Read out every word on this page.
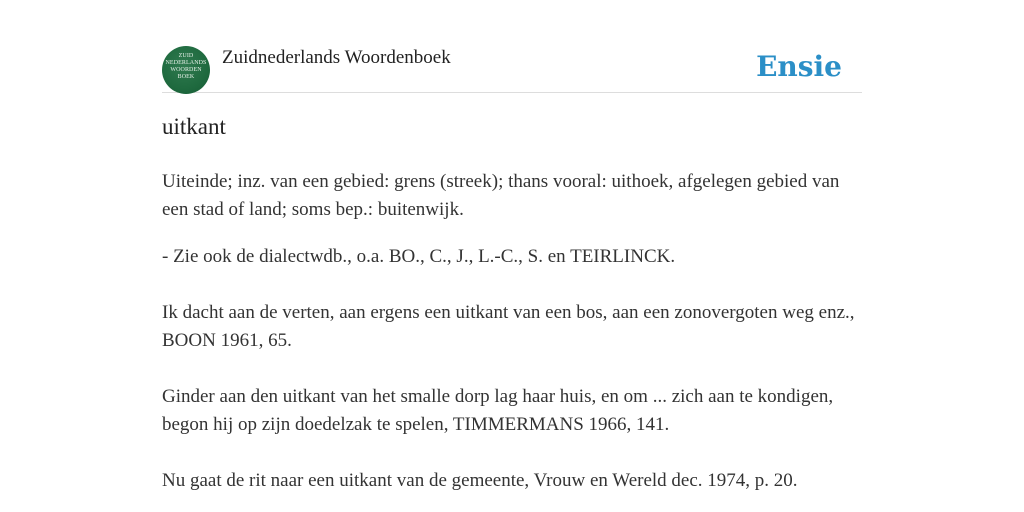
ZUID
NEDERLANDS
WOORDEN
BOEK
Zuidnederlands Woordenboek	Ensie
uitkant

Uiteinde; inz. van een gebied: grens (streek); thans vooral: uithoek, afgelegen gebied van een stad of land; soms bep.: buitenwijk.

- Zie ook de dialectwdb., o.a. BO., C., J., L.-C., S. en TEIRLINCK.

Ik dacht aan de verten, aan ergens een uitkant van een bos, aan een zonovergoten weg enz., BOON 1961, 65.

Ginder aan den uitkant van het smalle dorp lag haar huis, en om ... zich aan te kondigen, begon hij op zijn doedelzak te spelen, TIMMERMANS 1966, 141.

Nu gaat de rit naar een uitkant van de gemeente, Vrouw en Wereld dec. 1974, p. 20.
